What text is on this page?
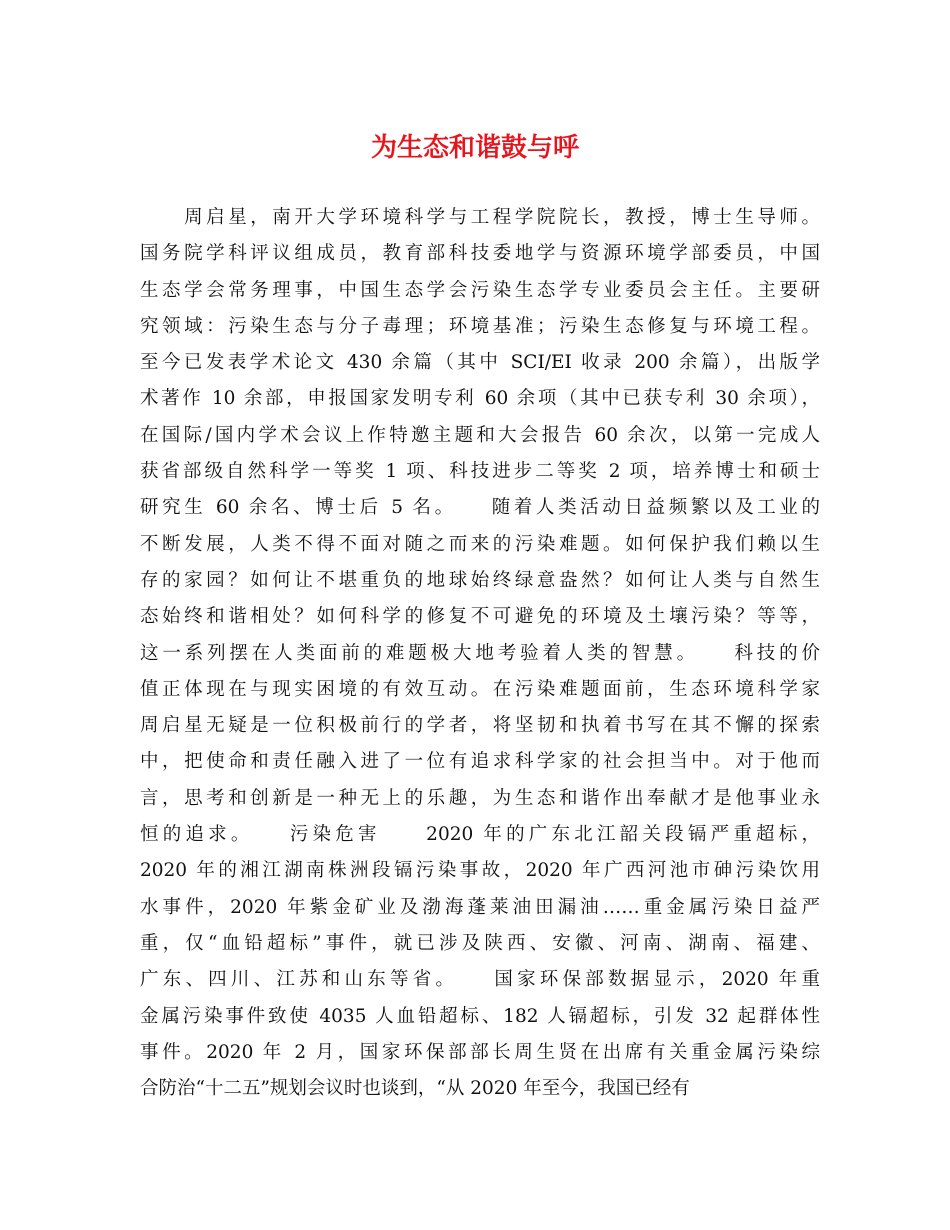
为生态和谐鼓与呼
　　周启星，南开大学环境科学与工程学院院长，教授，博士生导师。
国务院学科评议组成员，教育部科技委地学与资源环境学部委员，中国
生态学会常务理事，中国生态学会污染生态学专业委员会主任。主要研
究领域：污染生态与分子毒理；环境基准；污染生态修复与环境工程。
至今已发表学术论文 430 余篇（其中 SCI/EI 收录 200 余篇），出版学
术著作 10 余部，申报国家发明专利 60 余项（其中已获专利 30 余项），
在国际/国内学术会议上作特邀主题和大会报告 60 余次，以第一完成人
获省部级自然科学一等奖 1 项、科技进步二等奖 2 项，培养博士和硕士
研究生 60 余名、博士后 5 名。　　随着人类活动日益频繁以及工业的
不断发展，人类不得不面对随之而来的污染难题。如何保护我们赖以生
存的家园？如何让不堪重负的地球始终绿意盎然？如何让人类与自然生
态始终和谐相处？如何科学的修复不可避免的环境及土壤污染？等等，
这一系列摆在人类面前的难题极大地考验着人类的智慧。　　科技的价
值正体现在与现实困境的有效互动。在污染难题面前，生态环境科学家
周启星无疑是一位积极前行的学者，将坚韧和执着书写在其不懈的探索
中，把使命和责任融入进了一位有追求科学家的社会担当中。对于他而
言，思考和创新是一种无上的乐趣，为生态和谐作出奉献才是他事业永
恒的追求。　　污染危害　　2020 年的广东北江韶关段镉严重超标，
2020 年的湘江湖南株洲段镉污染事故，2020 年广西河池市砷污染饮用
水事件，2020 年紫金矿业及渤海蓬莱油田漏油……重金属污染日益严
重，仅“血铅超标”事件，就已涉及陕西、安徽、河南、湖南、福建、
广东、四川、江苏和山东等省。　　国家环保部数据显示，2020 年重
金属污染事件致使 4035 人血铅超标、182 人镉超标，引发 32 起群体性
事件。2020 年 2 月，国家环保部部长周生贤在出席有关重金属污染综
合防治“十二五”规划会议时也谈到，“从 2020 年至今，我国已经有
